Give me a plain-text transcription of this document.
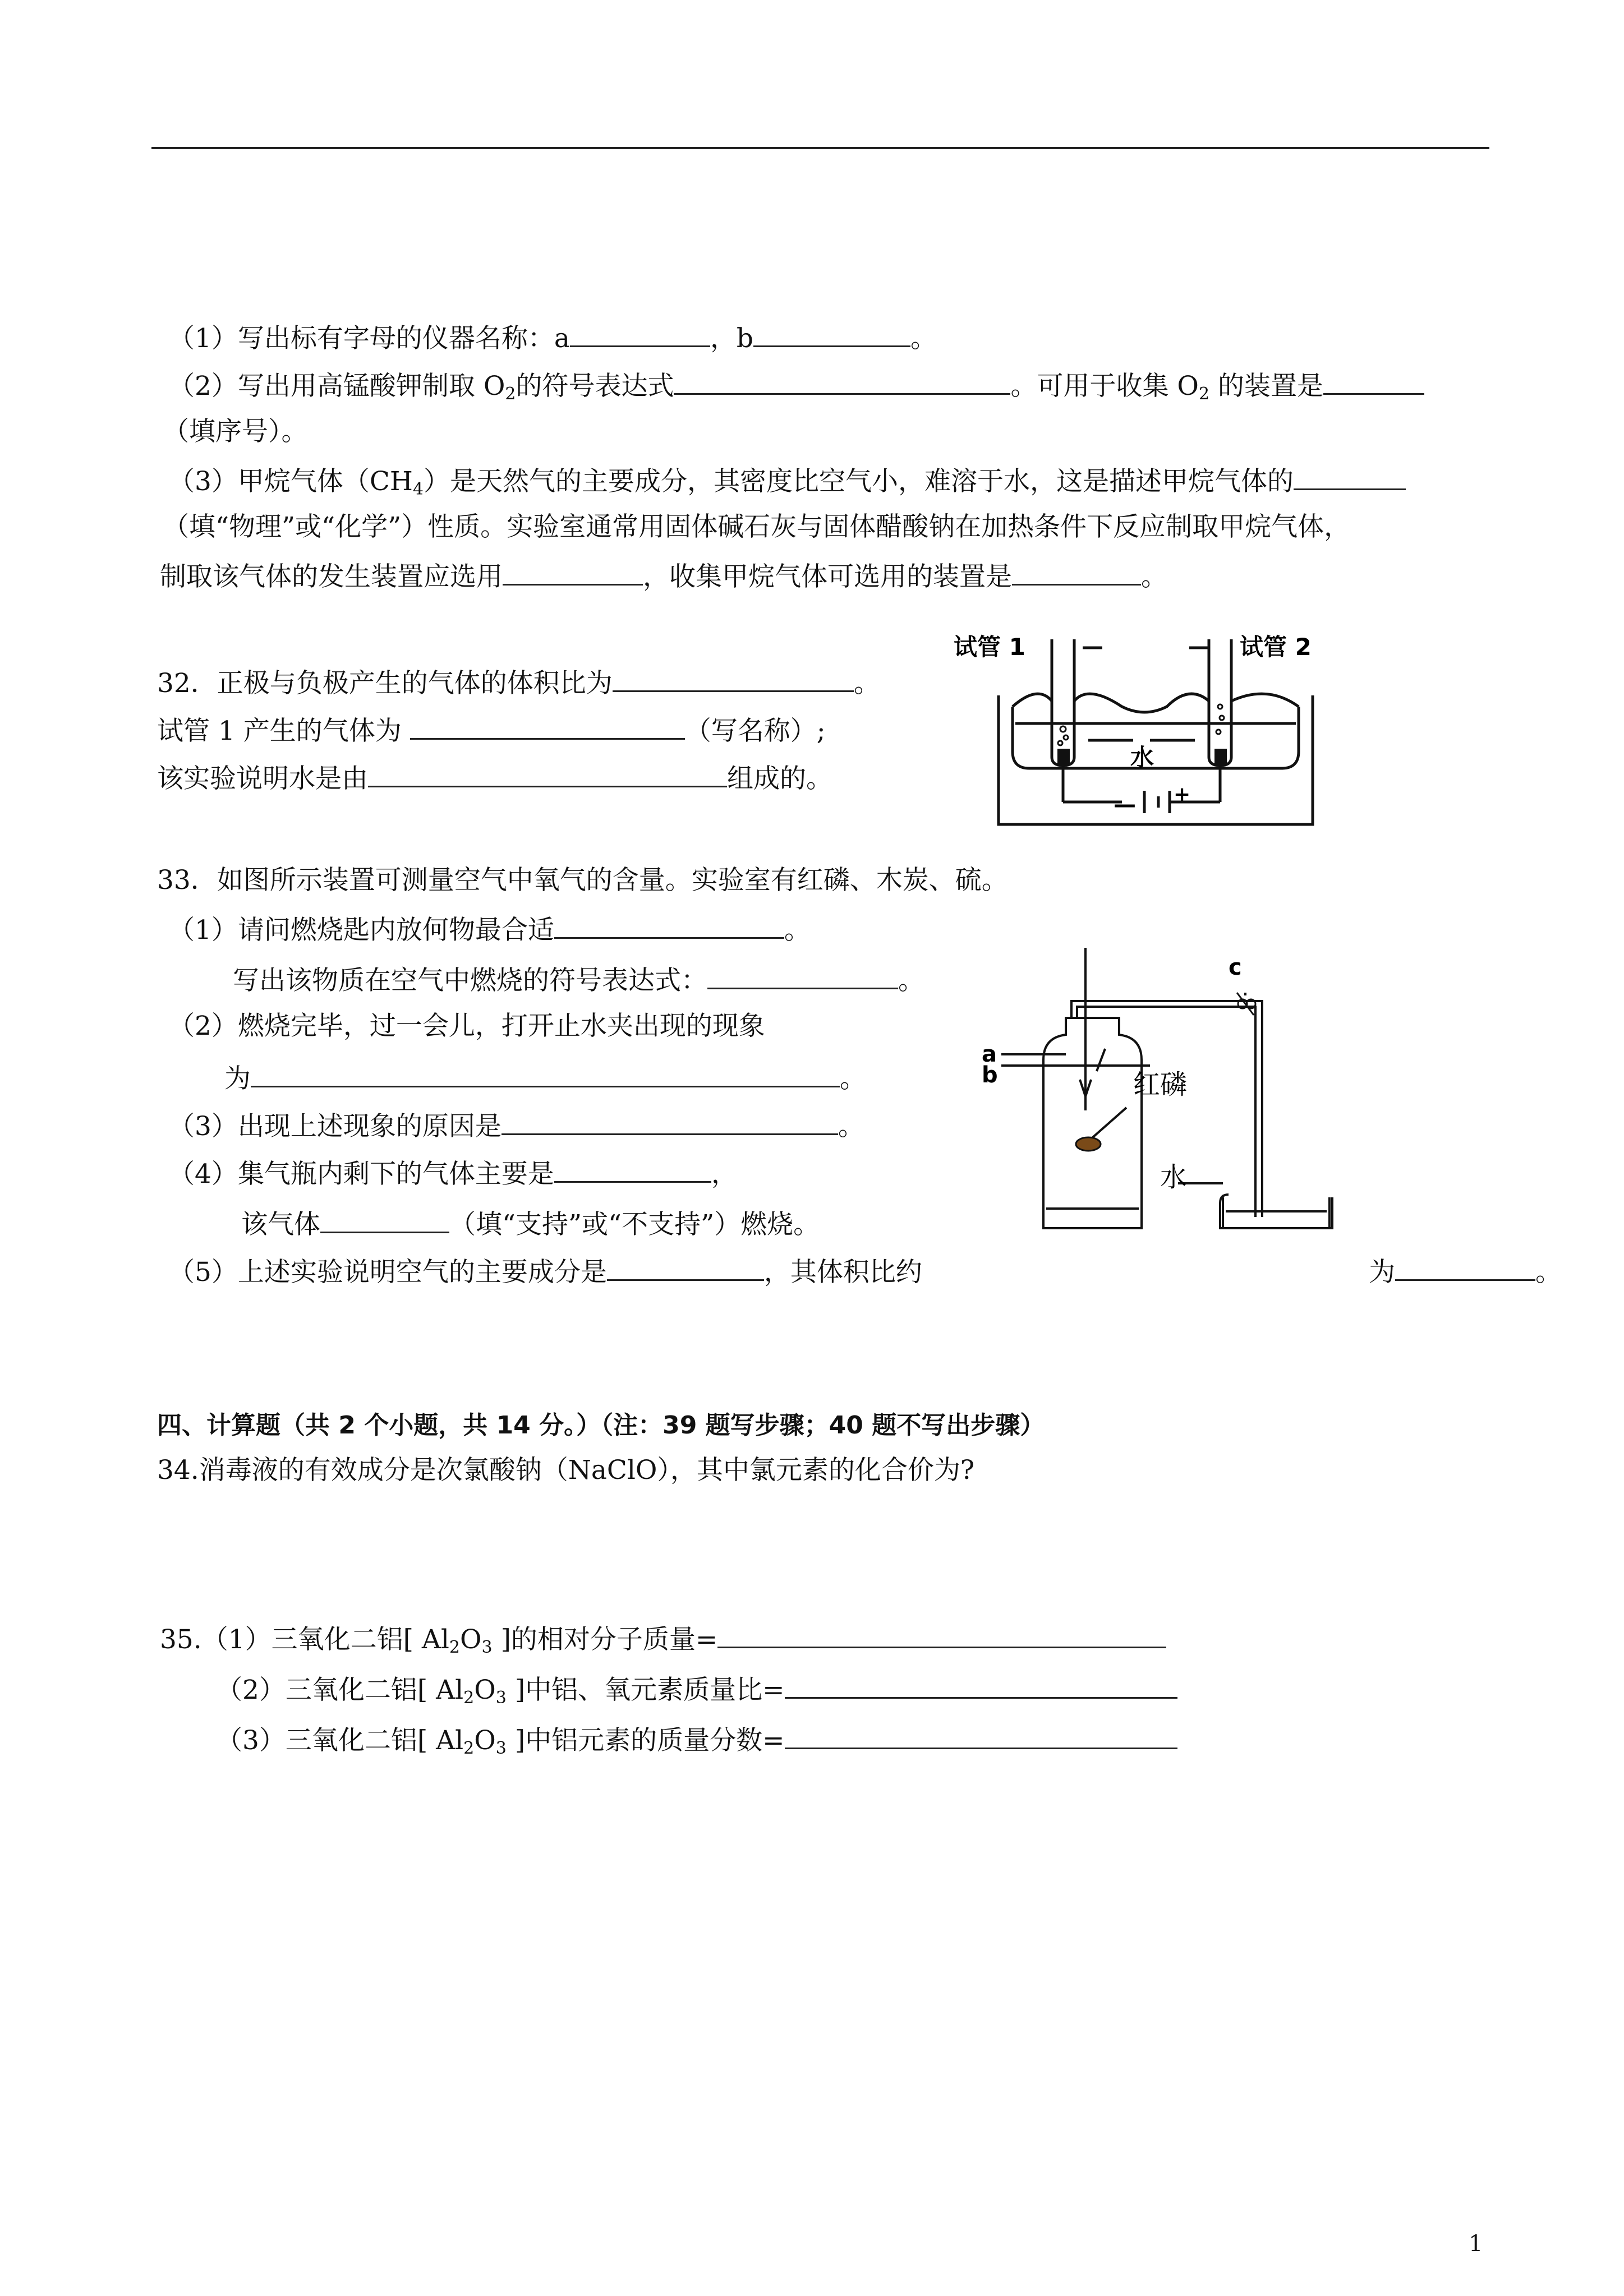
（1）写出标有字母的仪器名称：a	，b	。
（2）写出用高锰酸钾制取 $O_2$的符号表达式	。可用于收集 $O_2$ 的装置是
（填序号）。
（3）甲烷气体$(CH_4)$是天然气的主要成分，其密度比空气小，难溶于水，这是描述甲烷气体的
（填“物理”或“化学”）性质。实验室通常用固体碱石灰与固体醋酸钠在加热条件下反应制取甲烷气体，
制取该气体的发生装置应选用	，收集甲烷气体可选用的装置是	。
32．正极与负极产生的气体的体积比为	。
试管 1 产生的气体为	（写名称）;
该实验说明水是由	组成的。
试管 1	试管 2
水
— +
33．如图所示装置可测量空气中氧气的含量。实验室有红磷、木炭、硫。
（1）请问燃烧匙内放何物最合适	。
写出该物质在空气中燃烧的符号表达式：	。
（2）燃烧完毕，过一会儿，打开止水夹出现的现象
为	。
（3）出现上述现象的原因是	。
（4）集气瓶内剩下的气体主要是	，
该气体	（填“支持”或“不支持”）燃烧。
（5）上述实验说明空气的主要成分是	，其体积比约	为	。
a
b
c
红磷
水
四、计算题（共 2 个小题，共 14 分。）（注：39 题写步骤；40 题不写出步骤）
34.消毒液的有效成分是次氯酸钠（NaClO），其中氯元素的化合价为?
35.（1）三氧化二铝[ $Al_2O_3$ ]的相对分子质量=
（2）三氧化二铝[ $Al_2O_3$ ]中铝、氧元素质量比=
（3）三氧化二铝[ $Al_2O_3$ ]中铝元素的质量分数=
1
